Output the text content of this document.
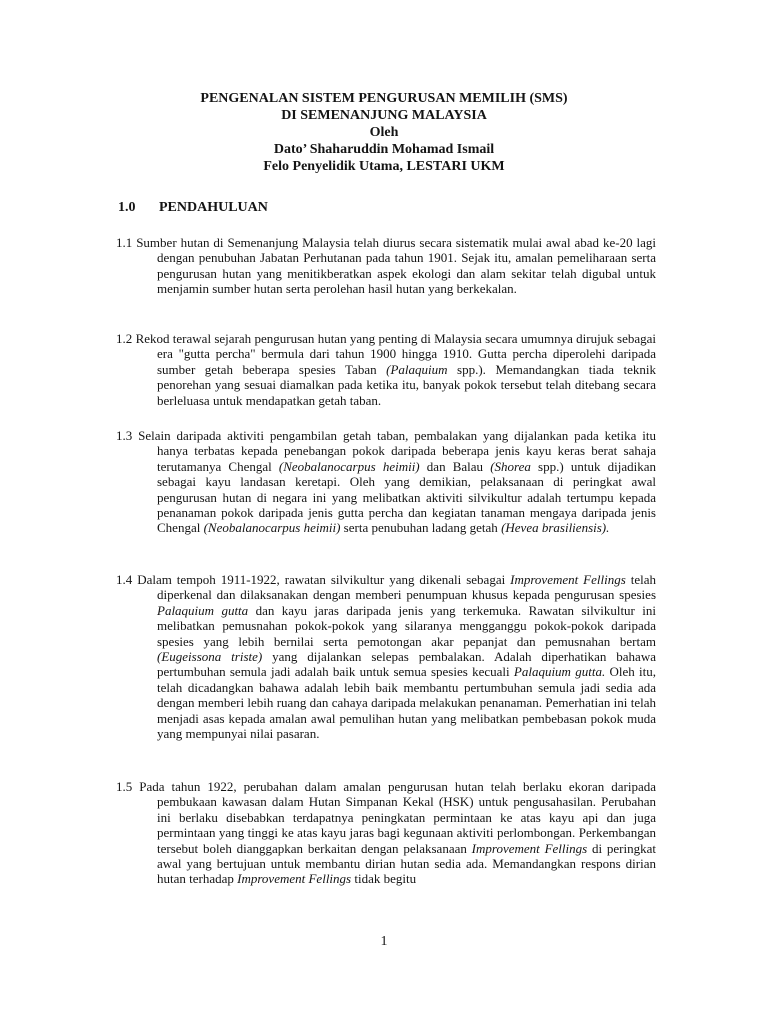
PENGENALAN SISTEM PENGURUSAN MEMILIH (SMS)
DI SEMENANJUNG MALAYSIA
Oleh
Dato’ Shaharuddin Mohamad Ismail
Felo Penyelidik Utama, LESTARI UKM
1.0 PENDAHULUAN

1.1 Sumber hutan di Semenanjung Malaysia telah diurus secara sistematik mulai awal abad ke-20 lagi dengan penubuhan Jabatan Perhutanan pada tahun 1901. Sejak itu, amalan pemeliharaan serta pengurusan hutan yang menitikberatkan aspek ekologi dan alam sekitar telah digubal untuk menjamin sumber hutan serta perolehan hasil hutan yang berkekalan.

1.2 Rekod terawal sejarah pengurusan hutan yang penting di Malaysia secara umumnya dirujuk sebagai era "gutta percha" bermula dari tahun 1900 hingga 1910. Gutta percha diperolehi daripada sumber getah beberapa spesies Taban (Palaquium spp.). Memandangkan tiada teknik penorehan yang sesuai diamalkan pada ketika itu, banyak pokok tersebut telah ditebang secara berleluasa untuk mendapatkan getah taban.

1.3 Selain daripada aktiviti pengambilan getah taban, pembalakan yang dijalankan pada ketika itu hanya terbatas kepada penebangan pokok daripada beberapa jenis kayu keras berat sahaja terutamanya Chengal (Neobalanocarpus heimii) dan Balau (Shorea spp.) untuk dijadikan sebagai kayu landasan keretapi. Oleh yang demikian, pelaksanaan di peringkat awal pengurusan hutan di negara ini yang melibatkan aktiviti silvikultur adalah tertumpu kepada penanaman pokok daripada jenis gutta percha dan kegiatan tanaman mengaya daripada jenis Chengal (Neobalanocarpus heimii) serta penubuhan ladang getah (Hevea brasiliensis).

1.4 Dalam tempoh 1911-1922, rawatan silvikultur yang dikenali sebagai Improvement Fellings telah diperkenal dan dilaksanakan dengan memberi penumpuan khusus kepada pengurusan spesies Palaquium gutta dan kayu jaras daripada jenis yang terkemuka. Rawatan silvikultur ini melibatkan pemusnahan pokok-pokok yang silaranya mengganggu pokok-pokok daripada spesies yang lebih bernilai serta pemotongan akar pepanjat dan pemusnahan bertam (Eugeissona triste) yang dijalankan selepas pembalakan. Adalah diperhatikan bahawa pertumbuhan semula jadi adalah baik untuk semua spesies kecuali Palaquium gutta. Oleh itu, telah dicadangkan bahawa adalah lebih baik membantu pertumbuhan semula jadi sedia ada dengan memberi lebih ruang dan cahaya daripada melakukan penanaman. Pemerhatian ini telah menjadi asas kepada amalan awal pemulihan hutan yang melibatkan pembebasan pokok muda yang mempunyai nilai pasaran.

1.5 Pada tahun 1922, perubahan dalam amalan pengurusan hutan telah berlaku ekoran daripada pembukaan kawasan dalam Hutan Simpanan Kekal (HSK) untuk pengusahasilan. Perubahan ini berlaku disebabkan terdapatnya peningkatan permintaan ke atas kayu api dan juga permintaan yang tinggi ke atas kayu jaras bagi kegunaan aktiviti perlombongan. Perkembangan tersebut boleh dianggapkan berkaitan dengan pelaksanaan Improvement Fellings di peringkat awal yang bertujuan untuk membantu dirian hutan sedia ada. Memandangkan respons dirian hutan terhadap Improvement Fellings tidak begitu

1
